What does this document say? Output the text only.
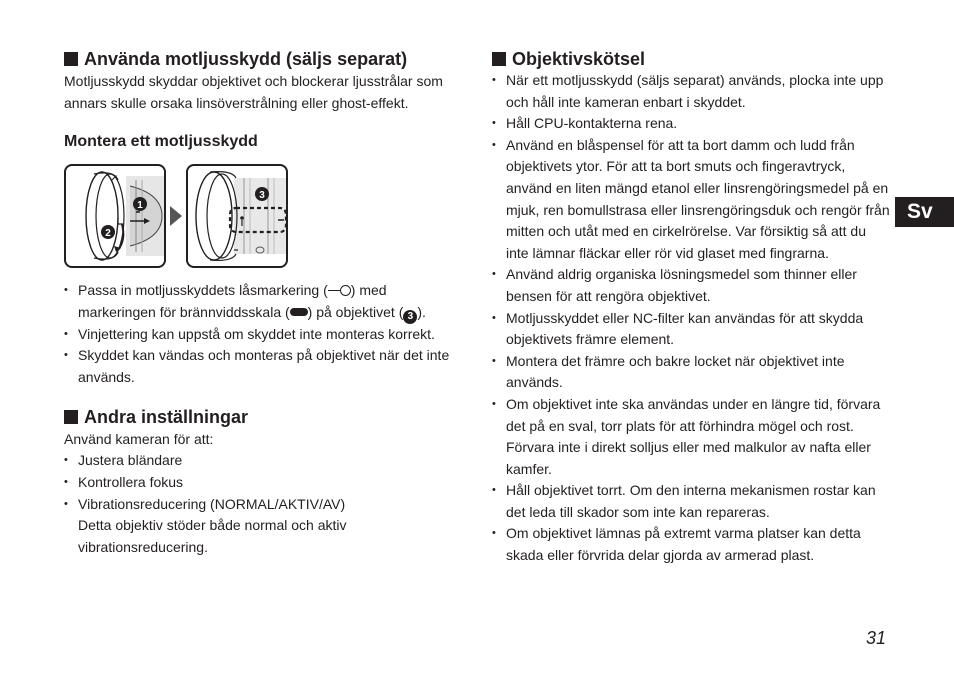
Använda motljusskydd (säljs separat)

Motljusskydd skyddar objektivet och blockerar ljusstrålar som annars skulle orsaka linsöverstrålning eller ghost-effekt.

Montera ett motljusskydd
1
2
3
• Passa in motljusskyddets låsmarkering ( ) med markeringen för brännviddsskala ( ) på objektivet ( 3 ).
• Vinjettering kan uppstå om skyddet inte monteras korrekt.
• Skyddet kan vändas och monteras på objektivet när det inte används.
Andra inställningar

Använd kameran för att:

• Justera bländare
• Kontrollera fokus
• Vibrationsreducering (NORMAL/AKTIV/AV)
Detta objektiv stöder både normal och aktiv vibrationsreducering.
Objektivskötsel
• När ett motljusskydd (säljs separat) används, plocka inte upp och håll inte kameran enbart i skyddet.
• Håll CPU-kontakterna rena.
• Använd en blåspensel för att ta bort damm och ludd från objektivets ytor. För att ta bort smuts och fingeravtryck, använd en liten mängd etanol eller linsrengöringsmedel på en mjuk, ren bomullstrasa eller linsrengöringsduk och rengör från mitten och utåt med en cirkelrörelse. Var försiktig så att du inte lämnar fläckar eller rör vid glaset med fingrarna.
• Använd aldrig organiska lösningsmedel som thinner eller bensen för att rengöra objektivet.
• Motljusskyddet eller NC-filter kan användas för att skydda objektivets främre element.
• Montera det främre och bakre locket när objektivet inte används.
• Om objektivet inte ska användas under en längre tid, förvara det på en sval, torr plats för att förhindra mögel och rost. Förvara inte i direkt solljus eller med malkulor av nafta eller kamfer.
• Håll objektivet torrt. Om den interna mekanismen rostar kan det leda till skador som inte kan repareras.
• Om objektivet lämnas på extremt varma platser kan detta skada eller förvrida delar gjorda av armerad plast.
Sv
31
